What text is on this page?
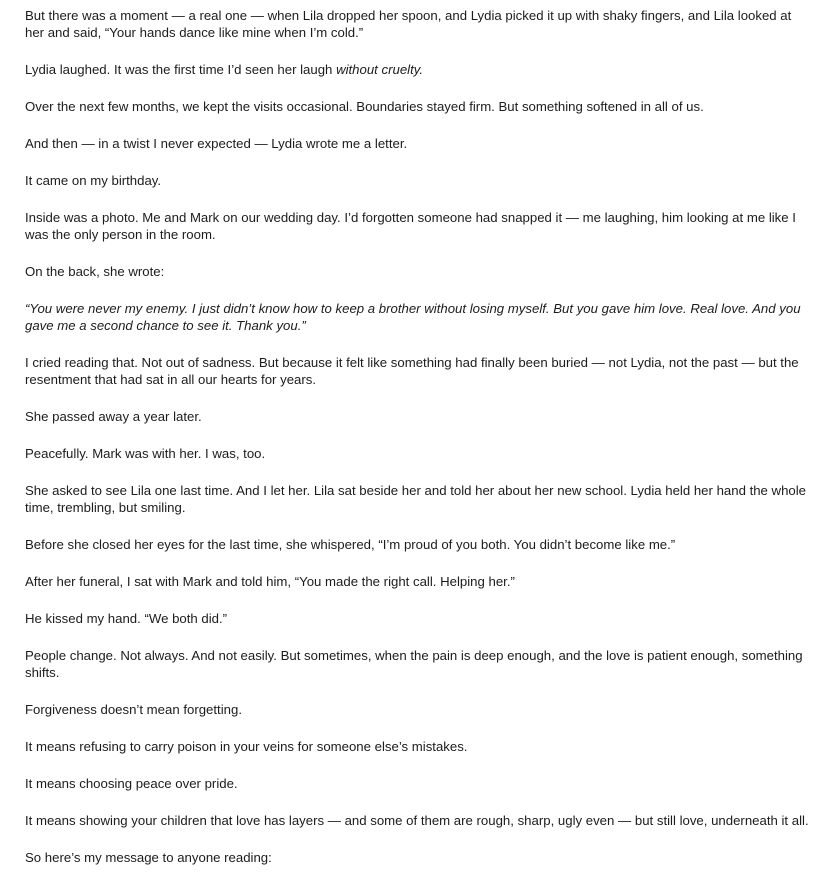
But there was a moment — a real one — when Lila dropped her spoon, and Lydia picked it up with shaky fingers, and Lila looked at her and said, “Your hands dance like mine when I’m cold.”

Lydia laughed. It was the first time I’d seen her laugh without cruelty.

Over the next few months, we kept the visits occasional. Boundaries stayed firm. But something softened in all of us.

And then — in a twist I never expected — Lydia wrote me a letter.

It came on my birthday.

Inside was a photo. Me and Mark on our wedding day. I’d forgotten someone had snapped it — me laughing, him looking at me like I was the only person in the room.

On the back, she wrote:

“You were never my enemy. I just didn’t know how to keep a brother without losing myself. But you gave him love. Real love. And you gave me a second chance to see it. Thank you.”

I cried reading that. Not out of sadness. But because it felt like something had finally been buried — not Lydia, not the past — but the resentment that had sat in all our hearts for years.

She passed away a year later.

Peacefully. Mark was with her. I was, too.

She asked to see Lila one last time. And I let her. Lila sat beside her and told her about her new school. Lydia held her hand the whole time, trembling, but smiling.

Before she closed her eyes for the last time, she whispered, “I’m proud of you both. You didn’t become like me.”

After her funeral, I sat with Mark and told him, “You made the right call. Helping her.”

He kissed my hand. “We both did.”

People change. Not always. And not easily. But sometimes, when the pain is deep enough, and the love is patient enough, something shifts.

Forgiveness doesn’t mean forgetting.

It means refusing to carry poison in your veins for someone else’s mistakes.

It means choosing peace over pride.

It means showing your children that love has layers — and some of them are rough, sharp, ugly even — but still love, underneath it all.

So here’s my message to anyone reading:
